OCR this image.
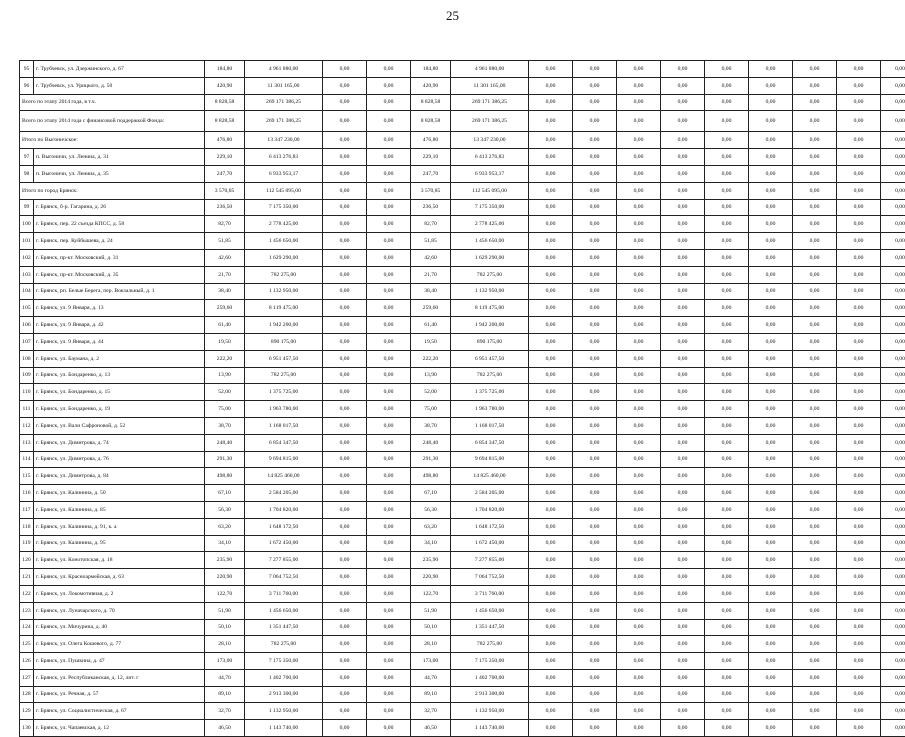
25
95	г. Трубчевск, ул. Дзержинского, д. 67	184,80	4 961 880,00	0,00	0,00	184,80	4 961 880,00	0,00	0,00	0,00	0,00	0,00	0,00	0,00	0,00	0,00
96	г. Трубчевск, ул. Урицкого, д. 50	420,90	11 301 165,00	0,00	0,00	420,90	11 301 165,00	0,00	0,00	0,00	0,00	0,00	0,00	0,00	0,00	0,00
Всего по этапу 2014 года, в т.ч.		8 828,58	269 171 386,25	0,00	0,00	8 828,58	269 171 386,25	0,00	0,00	0,00	0,00	0,00	0,00	0,00	0,00	0,00
Всего по этапу 2014 года с финансовой поддержкой Фонда:		8 828,58	269 171 386,25	0,00	0,00	8 828,58	269 171 386,25	0,00	0,00	0,00	0,00	0,00	0,00	0,00	0,00	0,00
Итого по Выгоничское:		476,80	13 347 230,00	0,00	0,00	476,80	13 347 230,00	0,00	0,00	0,00	0,00	0,00	0,00	0,00	0,00	0,00
97	п. Выгоничи, ул. Ленина, д. 31	229,10	6 413 276,83	0,00	0,00	229,10	6 413 276,83	0,00	0,00	0,00	0,00	0,00	0,00	0,00	0,00	0,00
98	п. Выгоничи, ул. Ленина, д. 35	247,70	6 933 953,17	0,00	0,00	247,70	6 933 953,17	0,00	0,00	0,00	0,00	0,00	0,00	0,00	0,00	0,00
Итого по город Брянск:		3 570,85	112 545 095,00	0,00	0,00	3 570,85	112 545 095,00	0,00	0,00	0,00	0,00	0,00	0,00	0,00	0,00	0,00
99	г. Брянск, б-р. Гагарина, д. 26	236,50	7 175 350,00	0,00	0,00	236,50	7 175 350,00	0,00	0,00	0,00	0,00	0,00	0,00	0,00	0,00	0,00
100	г. Брянск, пер. 22 съезда КПСС, д. 58	82,70	2 778 425,00	0,00	0,00	82,70	2 778 425,00	0,00	0,00	0,00	0,00	0,00	0,00	0,00	0,00	0,00
101	г. Брянск, пер. Куйбышева, д. 24	51,85	1 456 650,00	0,00	0,00	51,85	1 456 650,00	0,00	0,00	0,00	0,00	0,00	0,00	0,00	0,00	0,00
102	г. Брянск, пр-кт. Московский, д. 31	42,60	1 629 290,00	0,00	0,00	42,60	1 629 290,00	0,00	0,00	0,00	0,00	0,00	0,00	0,00	0,00	0,00
103	г. Брянск, пр-кт. Московский, д. 35	21,70	782 275,00	0,00	0,00	21,70	782 275,00	0,00	0,00	0,00	0,00	0,00	0,00	0,00	0,00	0,00
104	г. Брянск, рп. Белые Берега, пер. Вокзальный, д. 1	38,40	1 132 950,00	0,00	0,00	38,40	1 132 950,00	0,00	0,00	0,00	0,00	0,00	0,00	0,00	0,00	0,00
105	г. Брянск, ул. 9 Января, д. 13	259,60	8 119 475,00	0,00	0,00	259,60	8 119 475,00	0,00	0,00	0,00	0,00	0,00	0,00	0,00	0,00	0,00
106	г. Брянск, ул. 9 Января, д. 42	61,40	1 942 200,00	0,00	0,00	61,40	1 942 200,00	0,00	0,00	0,00	0,00	0,00	0,00	0,00	0,00	0,00
107	г. Брянск, ул. 9 Января, д. 44	19,50	890 175,00	0,00	0,00	19,50	890 175,00	0,00	0,00	0,00	0,00	0,00	0,00	0,00	0,00	0,00
108	г. Брянск, ул. Баумана, д. 2	222,20	6 951 457,50	0,00	0,00	222,20	6 951 457,50	0,00	0,00	0,00	0,00	0,00	0,00	0,00	0,00	0,00
109	г. Брянск, ул. Бондаренко, д. 13	13,90	782 275,00	0,00	0,00	13,90	782 275,00	0,00	0,00	0,00	0,00	0,00	0,00	0,00	0,00	0,00
110	г. Брянск, ул. Бондаренко, д. 15	52,00	1 375 725,00	0,00	0,00	52,00	1 375 725,00	0,00	0,00	0,00	0,00	0,00	0,00	0,00	0,00	0,00
111	г. Брянск, ул. Бондаренко, д. 19	75,00	1 963 780,00	0,00	0,00	75,00	1 963 780,00	0,00	0,00	0,00	0,00	0,00	0,00	0,00	0,00	0,00
112	г. Брянск, ул. Вали Сафроновой, д. 52	38,70	1 168 017,50	0,00	0,00	38,70	1 168 017,50	0,00	0,00	0,00	0,00	0,00	0,00	0,00	0,00	0,00
113	г. Брянск, ул. Димитрова, д. 74	248,40	6 854 347,50	0,00	0,00	248,40	6 854 347,50	0,00	0,00	0,00	0,00	0,00	0,00	0,00	0,00	0,00
114	г. Брянск, ул. Димитрова, д. 76	291,30	9 694 815,00	0,00	0,00	291,30	9 694 815,00	0,00	0,00	0,00	0,00	0,00	0,00	0,00	0,00	0,00
115	г. Брянск, ул. Димитрова, д. 84	498,80	14 825 460,00	0,00	0,00	498,80	14 825 460,00	0,00	0,00	0,00	0,00	0,00	0,00	0,00	0,00	0,00
116	г. Брянск, ул. Калинина, д. 50	67,10	2 584 205,00	0,00	0,00	67,10	2 584 205,00	0,00	0,00	0,00	0,00	0,00	0,00	0,00	0,00	0,00
117	г. Брянск, ул. Калинина, д. 85	56,30	1 704 820,00	0,00	0,00	56,30	1 704 820,00	0,00	0,00	0,00	0,00	0,00	0,00	0,00	0,00	0,00
118	г. Брянск, ул. Калинина, д. 91, к. а	63,20	1 648 172,50	0,00	0,00	63,20	1 648 172,50	0,00	0,00	0,00	0,00	0,00	0,00	0,00	0,00	0,00
119	г. Брянск, ул. Калинина, д. 95	34,10	1 672 450,00	0,00	0,00	34,10	1 672 450,00	0,00	0,00	0,00	0,00	0,00	0,00	0,00	0,00	0,00
120	г. Брянск, ул. Конотопская, д. 18	235,90	7 277 855,00	0,00	0,00	235,90	7 277 855,00	0,00	0,00	0,00	0,00	0,00	0,00	0,00	0,00	0,00
121	г. Брянск, ул. Красноармейская, д. 63	220,90	7 064 752,50	0,00	0,00	220,90	7 064 752,50	0,00	0,00	0,00	0,00	0,00	0,00	0,00	0,00	0,00
122	г. Брянск, ул. Локомотивная, д. 2	122,70	3 711 760,00	0,00	0,00	122,70	3 711 760,00	0,00	0,00	0,00	0,00	0,00	0,00	0,00	0,00	0,00
123	г. Брянск, ул. Луначарского, д. 70	51,90	1 456 650,00	0,00	0,00	51,90	1 456 650,00	0,00	0,00	0,00	0,00	0,00	0,00	0,00	0,00	0,00
124	г. Брянск, ул. Мичурина, д. 40	50,10	1 351 447,50	0,00	0,00	50,10	1 351 447,50	0,00	0,00	0,00	0,00	0,00	0,00	0,00	0,00	0,00
125	г. Брянск, ул. Олега Кошевого, д. 77	28,10	782 275,00	0,00	0,00	28,10	782 275,00	0,00	0,00	0,00	0,00	0,00	0,00	0,00	0,00	0,00
126	г. Брянск, ул. Пушкина, д. 47	173,00	7 175 350,00	0,00	0,00	173,00	7 175 350,00	0,00	0,00	0,00	0,00	0,00	0,00	0,00	0,00	0,00
127	г. Брянск, ул. Республиканская, д. 12, лит. г	44,70	1 402 700,00	0,00	0,00	44,70	1 402 700,00	0,00	0,00	0,00	0,00	0,00	0,00	0,00	0,00	0,00
128	г. Брянск, ул. Речная, д. 57	89,10	2 913 300,00	0,00	0,00	89,10	2 913 300,00	0,00	0,00	0,00	0,00	0,00	0,00	0,00	0,00	0,00
129	г. Брянск, ул. Социалистическая, д. 67	32,70	1 132 950,00	0,00	0,00	32,70	1 132 950,00	0,00	0,00	0,00	0,00	0,00	0,00	0,00	0,00	0,00
130	г. Брянск, ул. Чапаевская, д. 12	46,50	1 143 740,00	0,00	0,00	46,50	1 143 740,00	0,00	0,00	0,00	0,00	0,00	0,00	0,00	0,00	0,00
